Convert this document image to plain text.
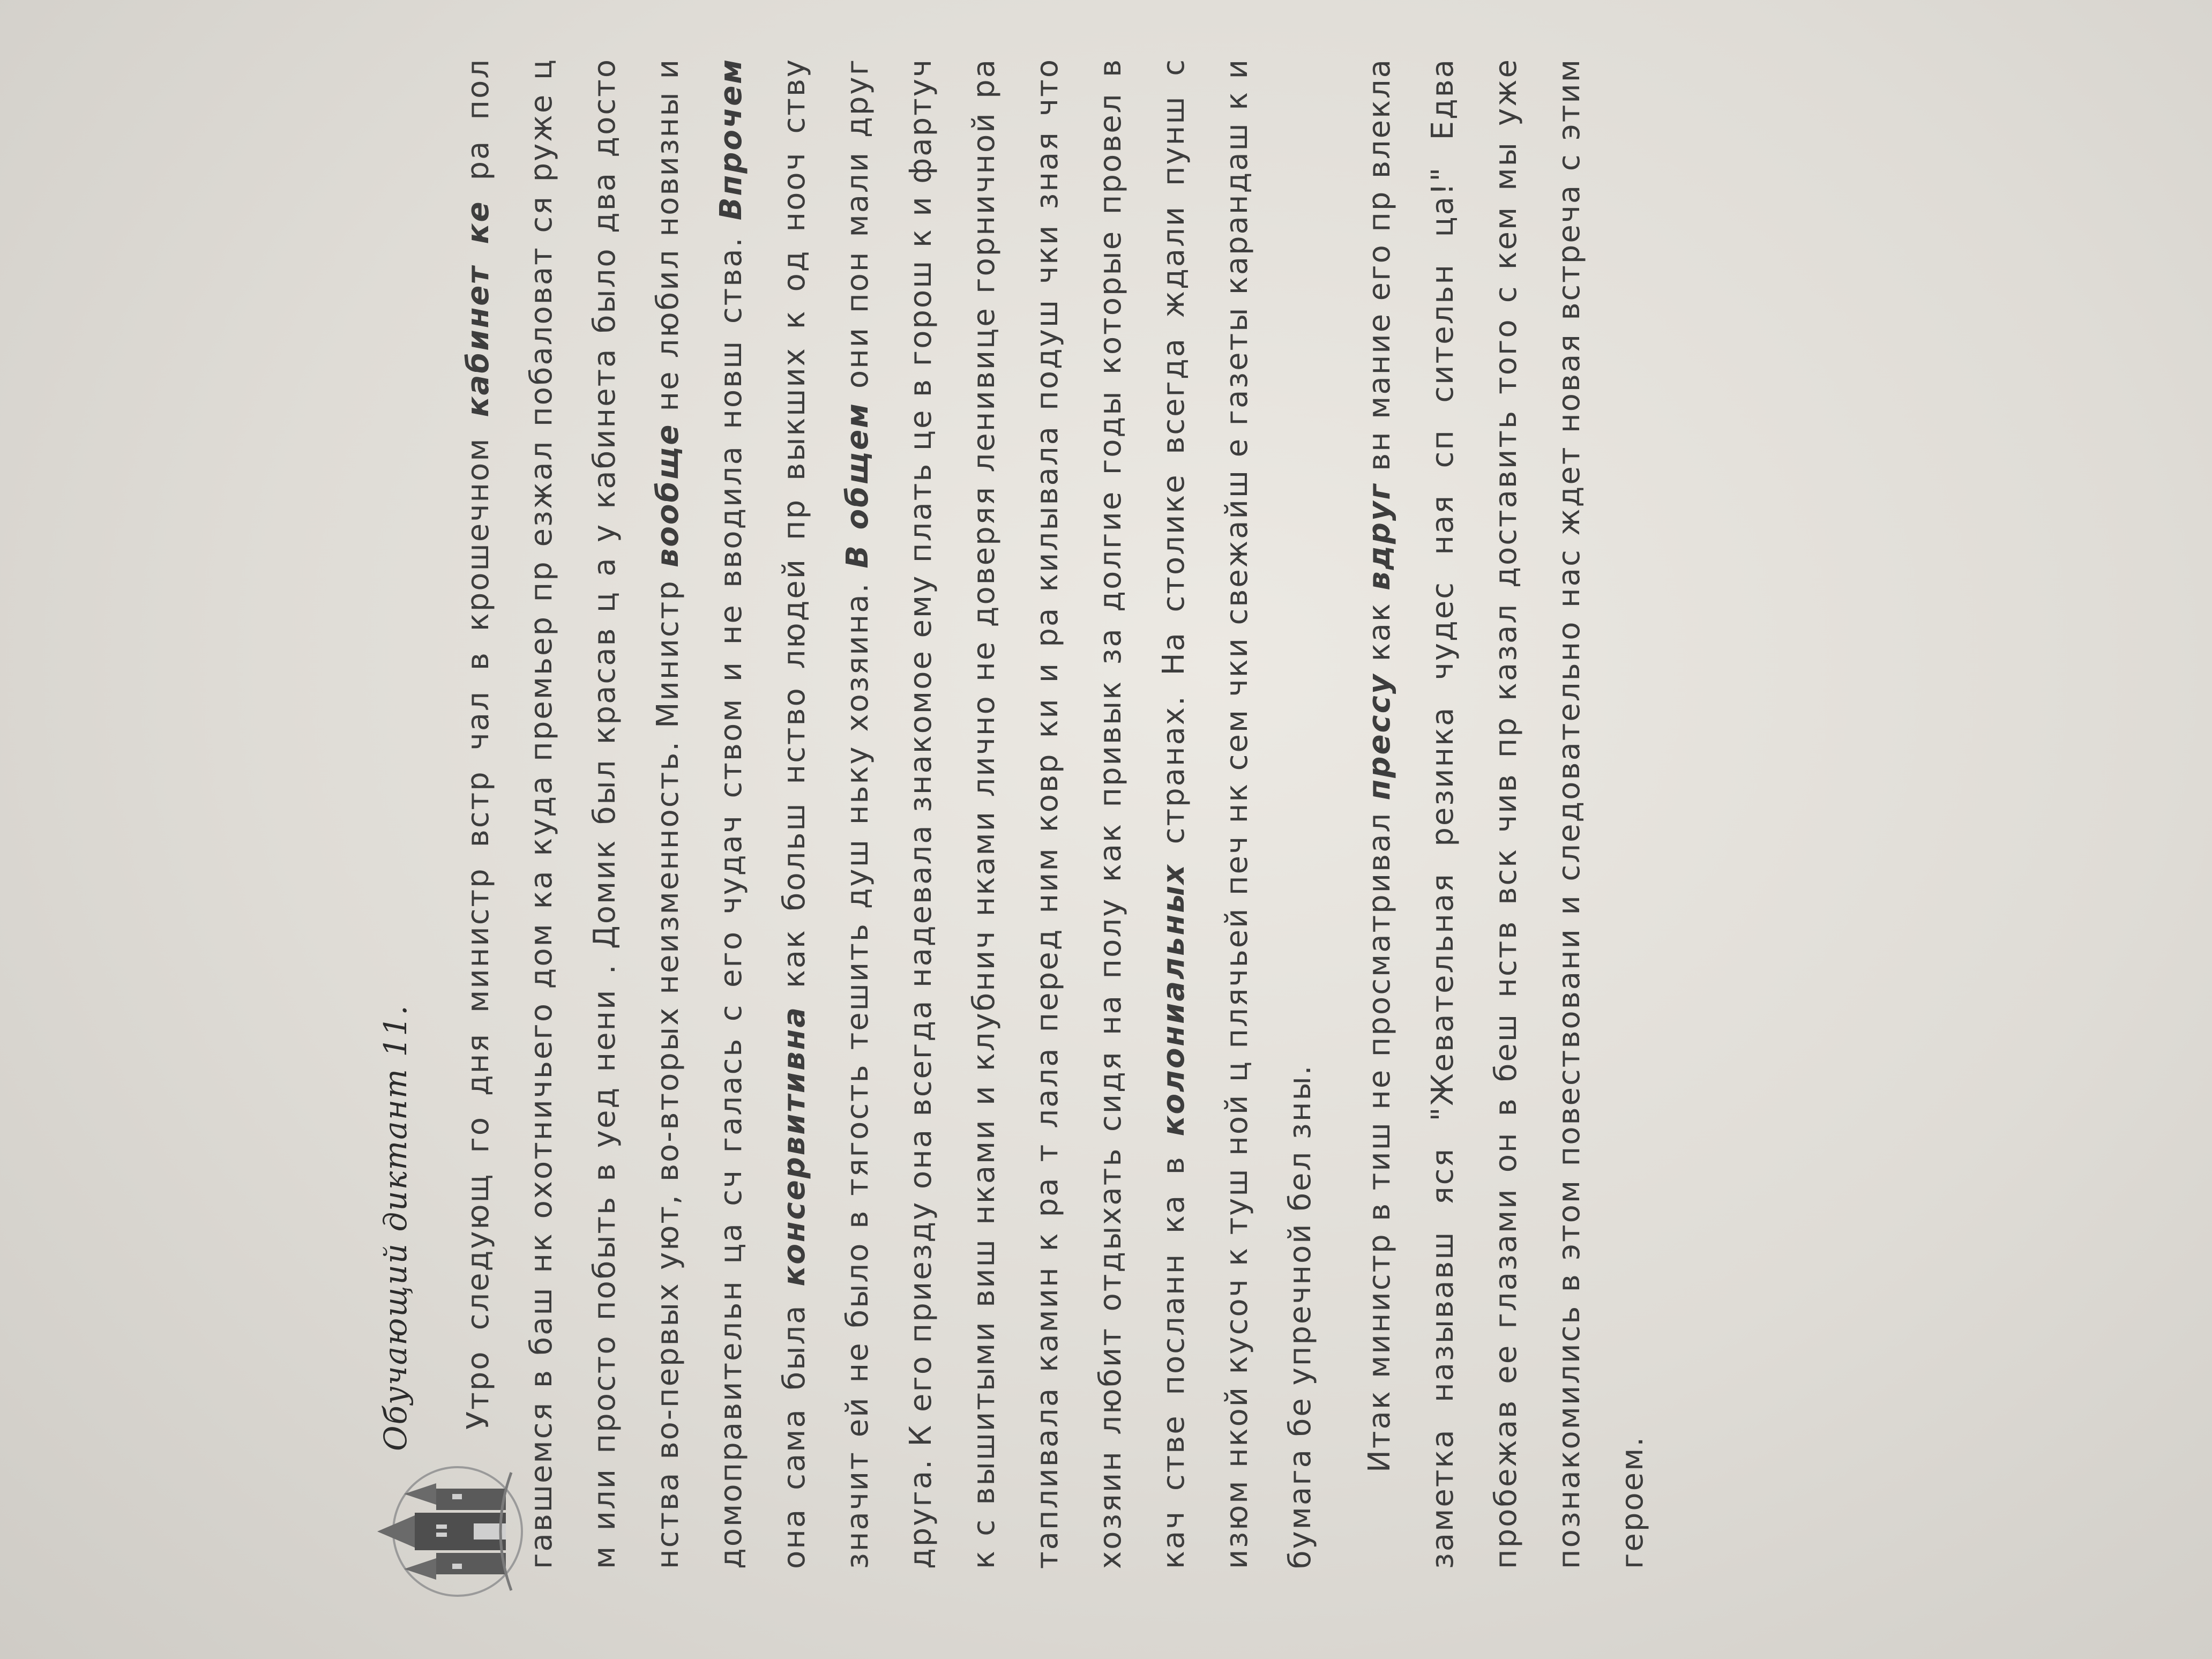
Обучающий диктант 11.	Утро следующ го дня министр встр чал в крошечном кабинет ке ра пол гавшемся в баш нк охотничьего дом ка куда премьер пр езжал побаловат ся руже ц м или просто побыть в уед нени . Домик был красав ц а у кабинета было два досто нства во-первых уют, во-вторых неизменность. Министр вообще не любил новизны и домоправительн ца сч галась с его чудач ством и не вводила новш ства. Впрочем она сама была консервитивна как больш нство людей пр выкших к од нооч ству значит ей не было в тягость тешить душ ньку хозяина. В общем они пон мали друг друга. К его приезду она всегда надевала знакомое ему плать це в горош к и фартуч к с вышитыми виш нками и клубнич нками лично не доверяя ленивице горничной ра тапливала камин к ра т лала перед ним ковр ки и ра килывала подуш чки зная что хозяин любит отдыхать сидя на полу как привык за долгие годы которые провел в кач стве посланн ка в колониальных странах. На столике всегда ждали пунш с изюм нкой кусоч к туш ной ц плячьей печ нк сем чки свежайш е газеты карандаш к и бумага бе упречной бел зны.	Итак министр в тиш не просматривал прессу как вдруг вн мание его пр влекла заметка называвш яся "Жевательная резинка чудес ная сп сительн ца!" Едва пробежав ее глазами он в беш нств вск чив пр казал доставить того с кем мы уже познакомились в этом повествовани и следовательно нас ждет новая встреча с этим героем.
